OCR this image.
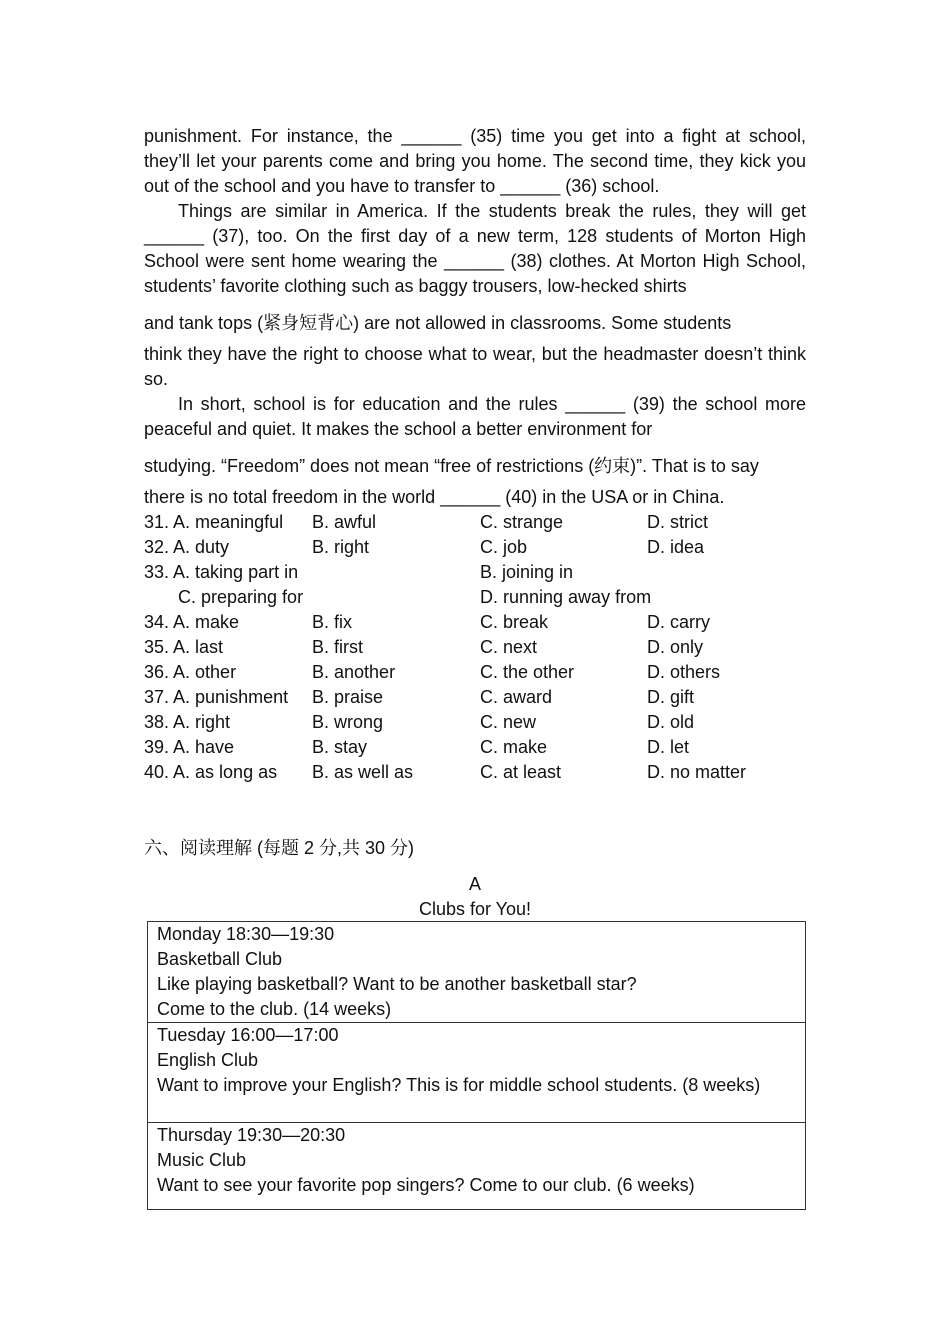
punishment. For instance, the ______ (35) time you get into a fight at school, they’ll let your parents come and bring you home. The second time, they kick you out of the school and you have to transfer to ______ (36) school.

Things are similar in America. If the students break the rules, they will get ______ (37), too. On the first day of a new term, 128 students of Morton High School were sent home wearing the ______ (38) clothes. At Morton High School, students’ favorite clothing such as baggy trousers, low-hecked shirts

and tank tops (紧身短背心) are not allowed in classrooms. Some students

think they have the right to choose what to wear, but the headmaster doesn’t think so.

In short, school is for education and the rules ______ (39) the school more peaceful and quiet. It makes the school a better environment for

studying. “Freedom” does not mean “free of restrictions (约束)”. That is to say

there is no total freedom in the world ______ (40) in the USA or in China.

31. A. meaningful B. awful	C. strange	D. strict
32. A. duty	B. right	C. job	D. idea
33. A. taking part in	B. joining in
C. preparing for	D. running away from
34. A. make	B. fix	C. break	D. carry
35. A. last	B. first	C. next	D. only
36. A. other	B. another	C. the other	D. others
37. A. punishment B. praise	C. award	D. gift
38. A. right	B. wrong	C. new	D. old
39. A. have	B. stay	C. make	D. let
40. A. as long as B. as well as	C. at least	D. no matter
六、阅读理解 (每题 2 分,共 30 分)
A
Clubs for You!
Monday 18:30—19:30
Basketball Club
Like playing basketball? Want to be another basketball star?
Come to the club. (14 weeks)

Tuesday 16:00—17:00
English Club
Want to improve your English? This is for middle school students. (8 weeks)

Thursday 19:30—20:30
Music Club
Want to see your favorite pop singers? Come to our club. (6 weeks)
